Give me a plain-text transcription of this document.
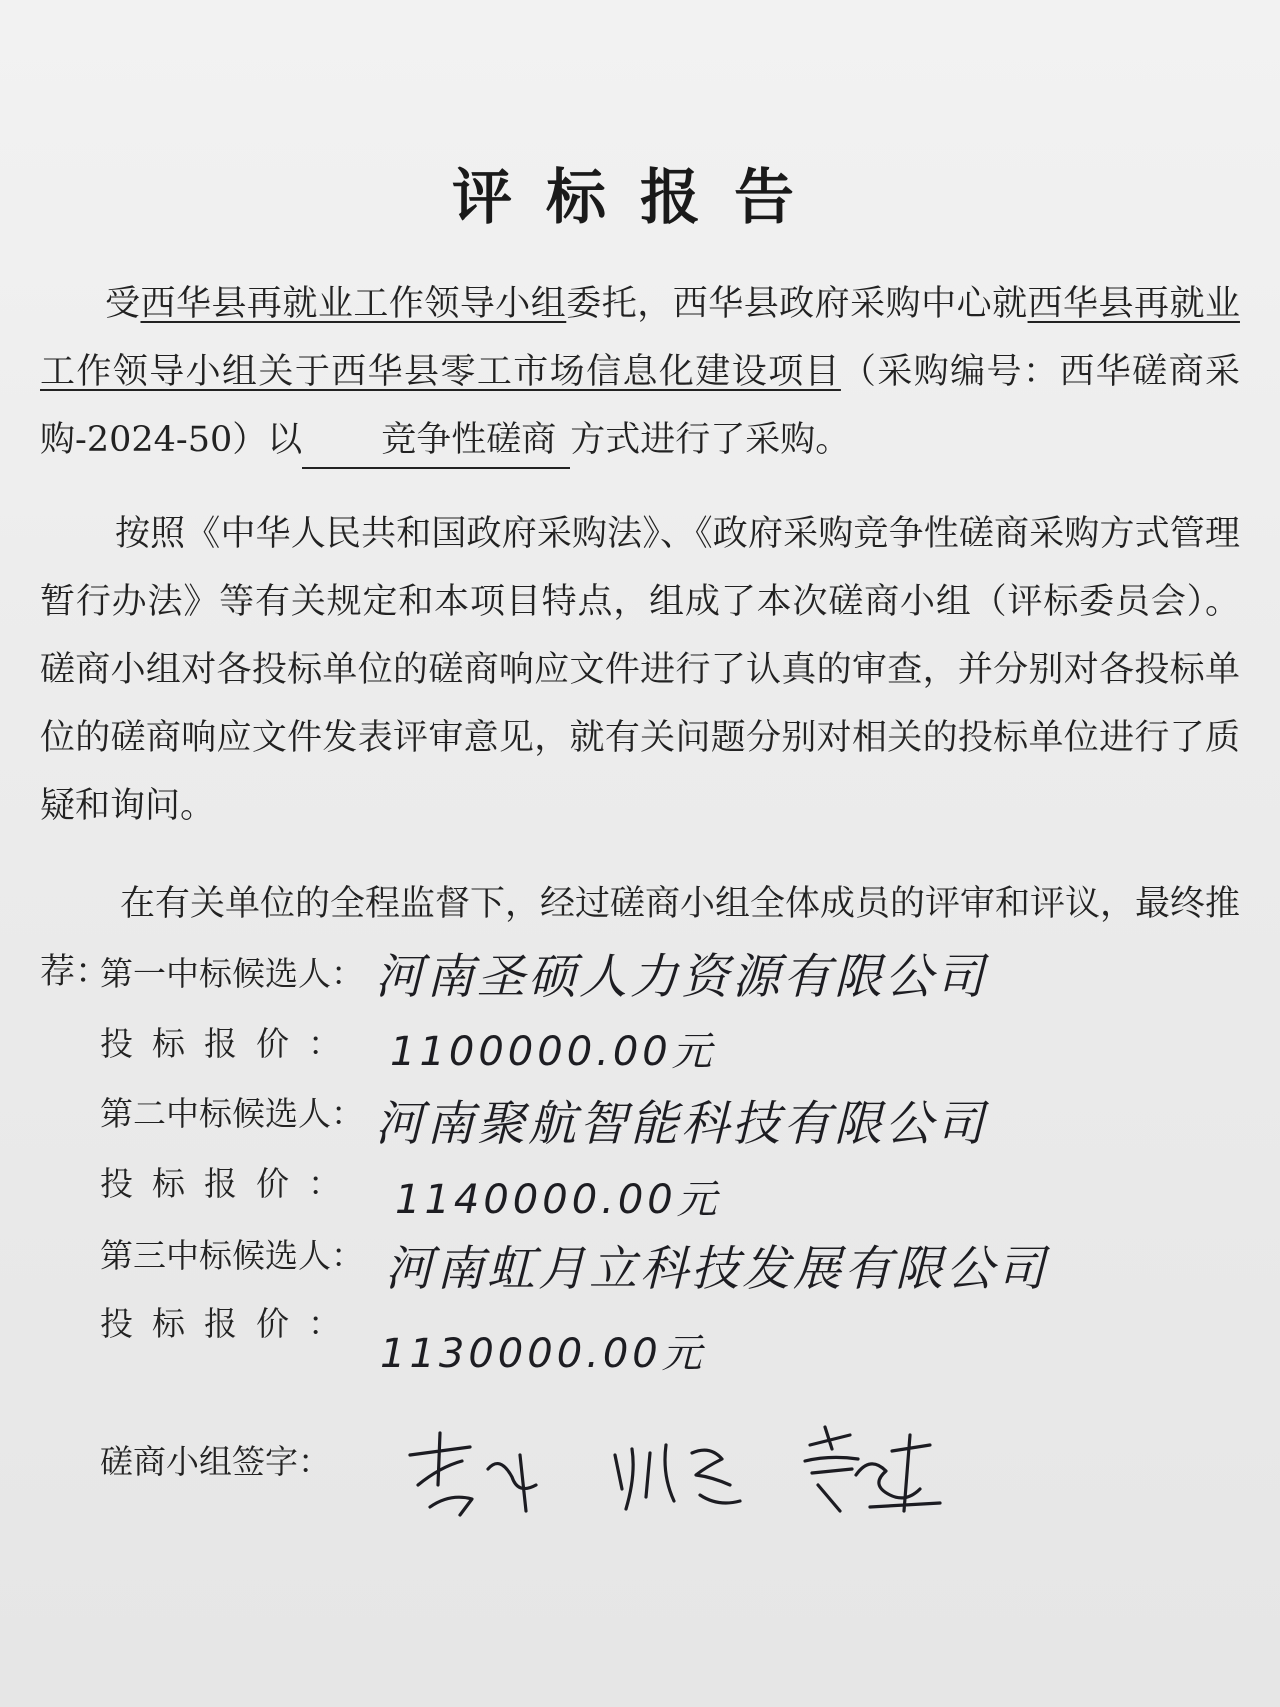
评标报告
受西华县再就业工作领导小组委托，西华县政府采购中心就西华县再就业工作领导小组关于西华县零工市场信息化建设项目（采购编号：西华磋商采购-2024-50）以 竞争性磋商 方式进行了采购。
按照《中华人民共和国政府采购法》、《政府采购竞争性磋商采购方式管理暂行办法》等有关规定和本项目特点，组成了本次磋商小组（评标委员会）。磋商小组对各投标单位的磋商响应文件进行了认真的审查，并分别对各投标单位的磋商响应文件发表评审意见，就有关问题分别对相关的投标单位进行了质疑和询问。
在有关单位的全程监督下，经过磋商小组全体成员的评审和评议，最终推荐：
第一中标候选人： 河南圣硕人力资源有限公司
投标报价： 1100000.00元
第二中标候选人： 河南聚航智能科技有限公司
投标报价： 1140000.00元
第三中标候选人： 河南虹月立科技发展有限公司
投标报价：
1130000.00元
磋商小组签字：
